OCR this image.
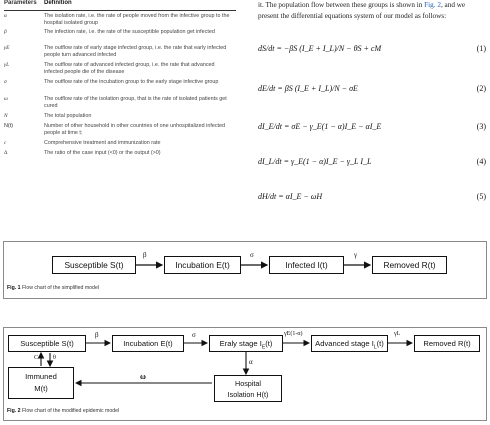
Parameters	Definition
α	The isolation rate, i.e. the rate of people moved from the infective group to the hospital isolated group
β	The infection rate, i.e. the rate of the susceptible population get infected
γE	The outflow rate of early stage infected group, i.e. the rate that early infected people turn advanced infected
γL	The outflow rate of advanced infected group, i.e. the rate that advanced infected people die of the disease
σ	The outflow rate of the incubation group to the early stage infective group
ω	The outflow rate of the isolation group, that is the rate of isolated patients get cured
N	The total population
N(t)	Number of other household in other countries of one unhospitalized infected people at time t;
c	Comprehensive treatment and immunization rate
Δ	The ratio of the case input (<0) or the output (>0)
it. The population flow between these groups is shown in Fig. 2, and we present the differential equations system of our model as follows:
dS/dt = −βS (I_E + I_L)/N − θS + cM	(1)
dE/dt = βS (I_E + I_L)/N − σE	(2)
dI_E/dt = σE − γ_E(1 − α)I_E − αI_E	(3)
dI_L/dt = γ_E(1 − α)I_E − γ_L I_L	(4)
dH/dt = αI_E − ωH	(5)
Susceptible S(t)	Incubation E(t)	Infected I(t)	Removed R(t)
β	σ	γ
Fig. 1 Flow chart of the simplified model
Susceptible S(t)	Incubation E(t)	Eraly stage $I_E(t)$	Advanced stage $I_L(t)$	Removed R(t)
Immuned
M(t)
Hospital
Isolation H(t)
β	σ	γE(1-α)	γL
C θ	α
ω
Fig. 2 Flow chart of the modified epidemic model
